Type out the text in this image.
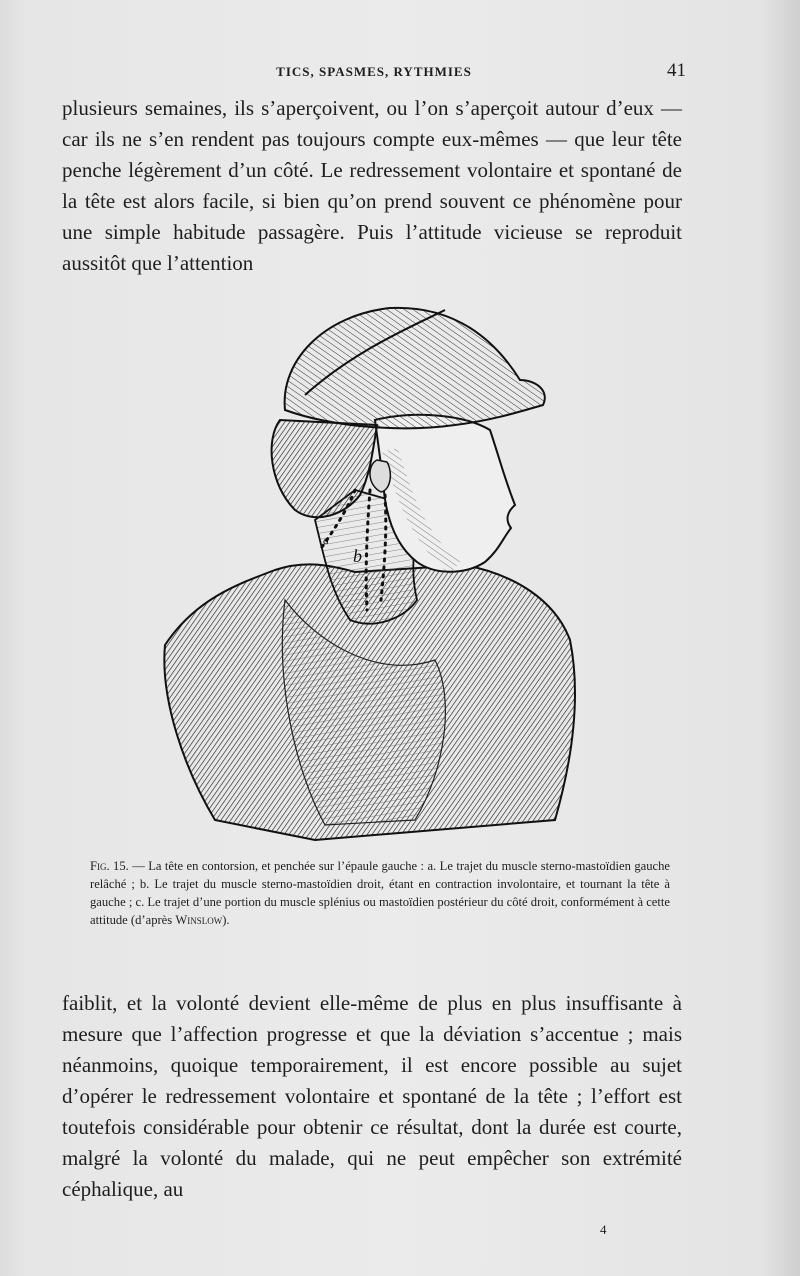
TICS, SPASMES, RYTHMIES	41

plusieurs semaines, ils s’aperçoivent, ou l’on s’aperçoit autour d’eux — car ils ne s’en rendent pas toujours compte eux-mêmes — que leur tête penche légèrement d’un côté. Le redressement volontaire et spontané de la tête est alors facile, si bien qu’on prend souvent ce phénomène pour une simple habitude passagère. Puis l’attitude vicieuse se reproduit aussitôt que l’attention

b
a

Fig. 15. — La tête en contorsion, et penchée sur l’épaule gauche : a. Le trajet du muscle sterno-mastoïdien gauche relâché ; b. Le trajet du muscle sterno-mastoïdien droit, étant en contraction involontaire, et tournant la tête à gauche ; c. Le trajet d’une portion du muscle splénius ou mastoïdien postérieur du côté droit, conformément à cette attitude (d’après Winslow).

faiblit, et la volonté devient elle-même de plus en plus insuffisante à mesure que l’affection progresse et que la déviation s’accentue ; mais néanmoins, quoique temporairement, il est encore possible au sujet d’opérer le redressement volontaire et spontané de la tête ; l’effort est toutefois considérable pour obtenir ce résultat, dont la durée est courte, malgré la volonté du malade, qui ne peut empêcher son extrémité céphalique, au

4
